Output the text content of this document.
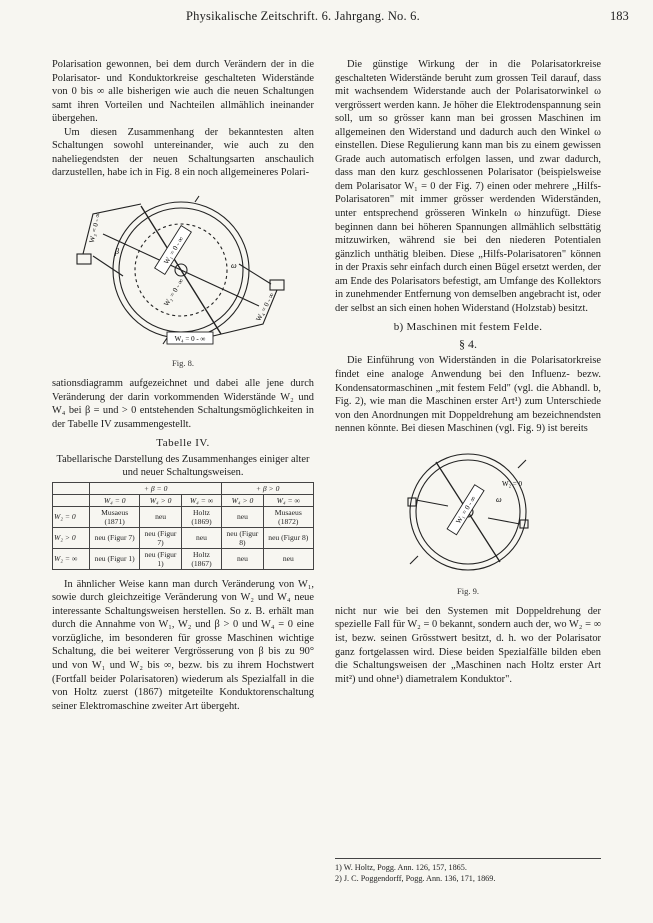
Physikalische Zeitschrift. 6. Jahrgang. No. 6.	183

Polarisation gewonnen, bei dem durch Verändern der in die Polarisator- und Konduktorkreise geschalteten Widerstände von 0 bis ∞ alle bisherigen wie auch die neuen Schaltungen samt ihren Vorteilen und Nachteilen allmählich ineinander übergehen.

Um diesen Zusammenhang der bekanntesten alten Schaltungen sowohl untereinander, wie auch zu den naheliegendsten der neuen Schaltungsarten anschaulich darzustellen, habe ich in Fig. 8 ein noch allgemeineres Polari-

W₁ = 0 - ∞
W₂ = 0 - ∞
W₃ = 0 - ∞
W₄ = 0 - ∞
W₄ = 0 - ∞
β
ω
Fig. 8.

sationsdiagramm aufgezeichnet und dabei alle jene durch Veränderung der darin vorkommenden Widerstände W₂ und W₄ bei β = und > 0 entstehenden Schaltungsmöglichkeiten in der Tabelle IV zusammengestellt.

Tabelle IV.
Tabellarische Darstellung des Zusammenhanges einiger alter und neuer Schaltungsweisen.
	+ β = 0			+ β > 0	
	W₄ = 0	W₄ > 0	W₄ = ∞	W₄ > 0	W₄ = ∞
W₂ = 0	Musaeus (1871)	neu	Holtz (1869)	neu	Musaeus (1872)
W₂ > 0	neu (Figur 7)	neu (Figur 7)	neu	neu (Figur 8)	neu (Figur 8)
W₂ = ∞	neu (Figur 1)	neu (Figur 1)	Holtz (1867)	neu	neu

In ähnlicher Weise kann man durch Veränderung von W₁, sowie durch gleichzeitige Veränderung von W₂ und W₄ neue interessante Schaltungsweisen herstellen. So z. B. erhält man durch die Annahme von W₁, W₂ und β > 0 und W₄ = 0 eine vorzügliche, im besonderen für grosse Maschinen wichtige Schaltung, die bei weiterer Vergrösserung von β bis zu 90° und von W₁ und W₂ bis ∞, bezw. bis zu ihrem Hochstwert (Fortfall beider Polarisatoren) wiederum als Spezialfall in die von Holtz zuerst (1867) mitgeteilte Konduktorenschaltung seiner Elektromaschine zweiter Art übergeht.

Die günstige Wirkung der in die Polarisatorkreise geschalteten Widerstände beruht zum grossen Teil darauf, dass mit wachsendem Widerstande auch der Polarisatorwinkel ω vergrössert werden kann. Je höher die Elektrodenspannung sein soll, um so grösser kann man bei grossen Maschinen im allgemeinen den Widerstand und dadurch auch den Winkel ω einstellen. Diese Regulierung kann man bis zu einem gewissen Grade auch automatisch erfolgen lassen, und zwar dadurch, dass man den kurz geschlossenen Polarisator (beispielsweise dem Polarisator W₁ = 0 der Fig. 7) einen oder mehrere „Hilfs-Polarisatoren" mit immer grösser werdenden Widerständen, unter entsprechend grösseren Winkeln ω hinzufügt. Diese beginnen dann bei höheren Spannungen allmählich selbsttätig mitzuwirken, während sie bei den niederen Potentialen gänzlich unthätig bleiben. Diese „Hilfs-Polarisatoren" können in der Praxis sehr einfach durch einen Bügel ersetzt werden, der am Ende des Polarisators befestigt, am Umfange des Kollektors in zunehmender Entfernung von demselben angebracht ist, oder der selbst an sich einen hohen Widerstand (Holzstab) besitzt.

b) Maschinen mit festem Felde.
§ 4.

Die Einführung von Widerständen in die Polarisatorkreise findet eine analoge Anwendung bei den Influenz- bezw. Kondensatormaschinen „mit festem Feld" (vgl. die Abhandl. b, Fig. 2), wie man die Maschinen erster Art¹) zum Unterschiede von den Anordnungen mit Doppeldrehung am bezeichnendsten nennen könnte. Bei diesen Maschinen (vgl. Fig. 9) ist bereits

W₁ = 0 - ∞
W₂ = 0
ω
Fig. 9.

nicht nur wie bei den Systemen mit Doppeldrehung der spezielle Fall für W₂ = 0 bekannt, sondern auch der, wo W₂ = ∞ ist, bezw. seinen Grösstwert besitzt, d. h. wo der Polarisator ganz fortgelassen wird. Diese beiden Spezialfälle bilden eben die Schaltungsweisen der „Maschinen nach Holtz erster Art mit²) und ohne¹) diametralem Konduktor".

1) W. Holtz, Pogg. Ann. 126, 157, 1865.
2) J. C. Poggendorff, Pogg. Ann. 136, 171, 1869.
